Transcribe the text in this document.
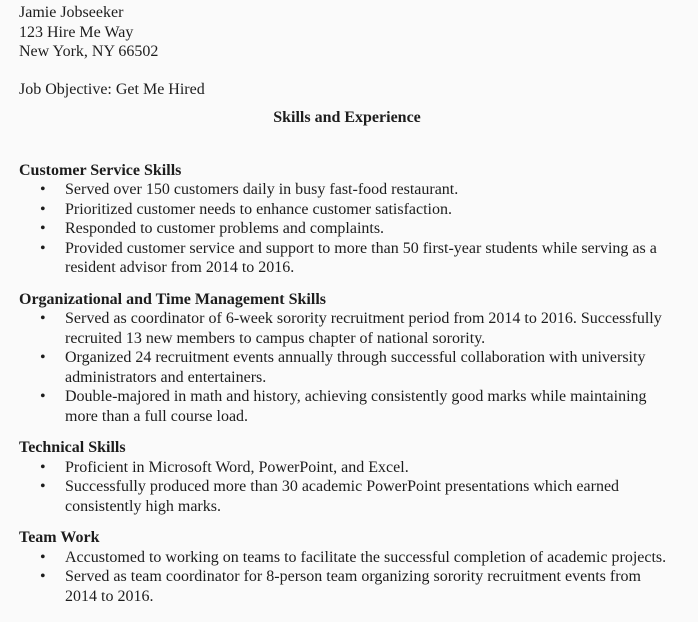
Jamie Jobseeker
123 Hire Me Way
New York, NY 66502
Job Objective: Get Me Hired
Skills and Experience
Customer Service Skills
•	Served over 150 customers daily in busy fast-food restaurant.
•	Prioritized customer needs to enhance customer satisfaction.
•	Responded to customer problems and complaints.
•	Provided customer service and support to more than 50 first-year students while serving as a resident advisor from 2014 to 2016.
Organizational and Time Management Skills
•	Served as coordinator of 6-week sorority recruitment period from 2014 to 2016. Successfully recruited 13 new members to campus chapter of national sorority.
•	Organized 24 recruitment events annually through successful collaboration with university administrators and entertainers.
•	Double-majored in math and history, achieving consistently good marks while maintaining more than a full course load.
Technical Skills
•	Proficient in Microsoft Word, PowerPoint, and Excel.
•	Successfully produced more than 30 academic PowerPoint presentations which earned consistently high marks.
Team Work
•	Accustomed to working on teams to facilitate the successful completion of academic projects.
•	Served as team coordinator for 8-person team organizing sorority recruitment events from 2014 to 2016.
